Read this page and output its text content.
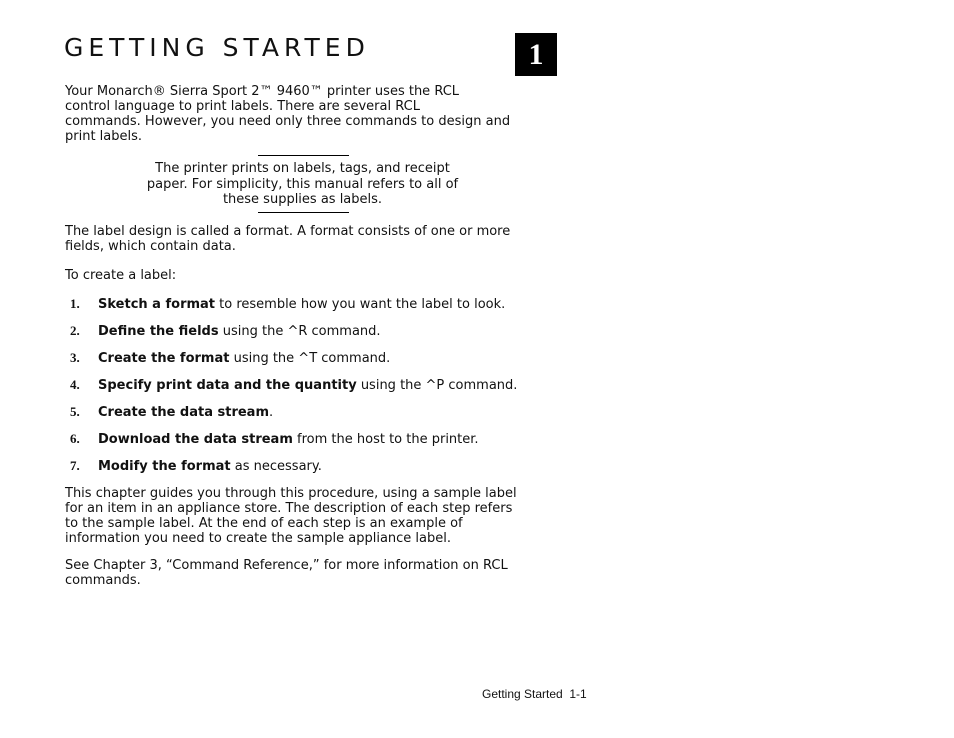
GETTING STARTED	1

Your Monarch® Sierra Sport 2™ 9460™ printer uses the RCL
control language to print labels. There are several RCL
commands. However, you need only three commands to design and
print labels.

The printer prints on labels, tags, and receipt
paper. For simplicity, this manual refers to all of
these supplies as labels.

The label design is called a format. A format consists of one or more
fields, which contain data.

To create a label:

1. Sketch a format to resemble how you want the label to look.
2. Define the fields using the ^R command.
3. Create the format using the ^T command.
4. Specify print data and the quantity using the ^P command.
5. Create the data stream.
6. Download the data stream from the host to the printer.
7. Modify the format as necessary.

This chapter guides you through this procedure, using a sample label
for an item in an appliance store. The description of each step refers
to the sample label. At the end of each step is an example of
information you need to create the sample appliance label.

See Chapter 3, “Command Reference,” for more information on RCL
commands.

Getting Started  1-1
